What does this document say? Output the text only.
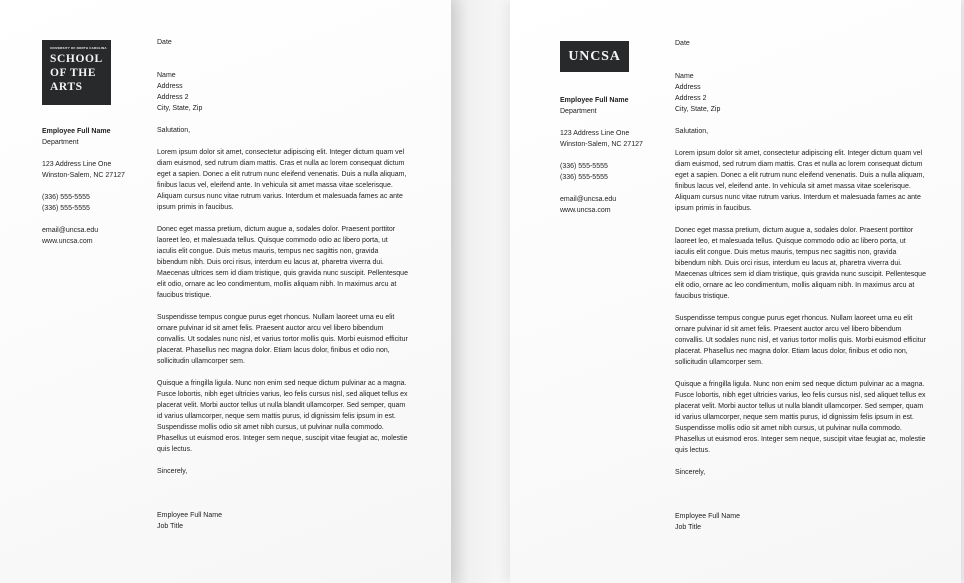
UNIVERSITY OF NORTH CAROLINA
SCHOOL
OF THE
ARTS
Employee Full Name
Department
123 Address Line One
Winston-Salem, NC 27127
(336) 555-5555
(336) 555-5555
email@uncsa.edu
www.uncsa.com

Date

Name

Address

Address 2

City, State, Zip

Salutation,

Lorem ipsum dolor sit amet, consectetur adipiscing elit. Integer dictum quam vel diam euismod, sed rutrum diam mattis. Cras et nulla ac lorem consequat dictum eget a sapien. Donec a elit rutrum nunc eleifend venenatis. Duis a nulla aliquam, finibus lacus vel, eleifend ante. In vehicula sit amet massa vitae scelerisque. Aliquam cursus nunc vitae rutrum varius. Interdum et malesuada fames ac ante ipsum primis in faucibus.

Donec eget massa pretium, dictum augue a, sodales dolor. Praesent porttitor laoreet leo, et malesuada tellus. Quisque commodo odio ac libero porta, ut iaculis elit congue. Duis metus mauris, tempus nec sagittis non, gravida bibendum nibh. Duis orci risus, interdum eu lacus at, pharetra viverra dui. Maecenas ultrices sem id diam tristique, quis gravida nunc suscipit. Pellentesque elit odio, ornare ac leo condimentum, mollis aliquam nibh. In maximus arcu at faucibus tristique.

Suspendisse tempus congue purus eget rhoncus. Nullam laoreet urna eu elit ornare pulvinar id sit amet felis. Praesent auctor arcu vel libero bibendum convallis. Ut sodales nunc nisl, et varius tortor mollis quis. Morbi euismod efficitur placerat. Phasellus nec magna dolor. Etiam lacus dolor, finibus et odio non, sollicitudin ullamcorper sem.

Quisque a fringilla ligula. Nunc non enim sed neque dictum pulvinar ac a magna. Fusce lobortis, nibh eget ultricies varius, leo felis cursus nisl, sed aliquet tellus ex placerat velit. Morbi auctor tellus ut nulla blandit ullamcorper. Sed semper, quam id varius ullamcorper, neque sem mattis purus, id dignissim felis ipsum in est. Suspendisse mollis odio sit amet nibh cursus, ut pulvinar nulla commodo. Phasellus ut euismod eros. Integer sem neque, suscipit vitae feugiat ac, molestie quis lectus.

Sincerely,

Employee Full Name

Job Title

UNCSA
Employee Full Name
Department
123 Address Line One
Winston-Salem, NC 27127
(336) 555-5555
(336) 555-5555
email@uncsa.edu
www.uncsa.com

Date

Name

Address

Address 2

City, State, Zip

Salutation,

Lorem ipsum dolor sit amet, consectetur adipiscing elit. Integer dictum quam vel diam euismod, sed rutrum diam mattis. Cras et nulla ac lorem consequat dictum eget a sapien. Donec a elit rutrum nunc eleifend venenatis. Duis a nulla aliquam, finibus lacus vel, eleifend ante. In vehicula sit amet massa vitae scelerisque. Aliquam cursus nunc vitae rutrum varius. Interdum et malesuada fames ac ante ipsum primis in faucibus.

Donec eget massa pretium, dictum augue a, sodales dolor. Praesent porttitor laoreet leo, et malesuada tellus. Quisque commodo odio ac libero porta, ut iaculis elit congue. Duis metus mauris, tempus nec sagittis non, gravida bibendum nibh. Duis orci risus, interdum eu lacus at, pharetra viverra dui. Maecenas ultrices sem id diam tristique, quis gravida nunc suscipit. Pellentesque elit odio, ornare ac leo condimentum, mollis aliquam nibh. In maximus arcu at faucibus tristique.

Suspendisse tempus congue purus eget rhoncus. Nullam laoreet urna eu elit ornare pulvinar id sit amet felis. Praesent auctor arcu vel libero bibendum convallis. Ut sodales nunc nisl, et varius tortor mollis quis. Morbi euismod efficitur placerat. Phasellus nec magna dolor. Etiam lacus dolor, finibus et odio non, sollicitudin ullamcorper sem.

Quisque a fringilla ligula. Nunc non enim sed neque dictum pulvinar ac a magna. Fusce lobortis, nibh eget ultricies varius, leo felis cursus nisl, sed aliquet tellus ex placerat velit. Morbi auctor tellus ut nulla blandit ullamcorper. Sed semper, quam id varius ullamcorper, neque sem mattis purus, id dignissim felis ipsum in est. Suspendisse mollis odio sit amet nibh cursus, ut pulvinar nulla commodo. Phasellus ut euismod eros. Integer sem neque, suscipit vitae feugiat ac, molestie quis lectus.

Sincerely,

Employee Full Name

Job Title
